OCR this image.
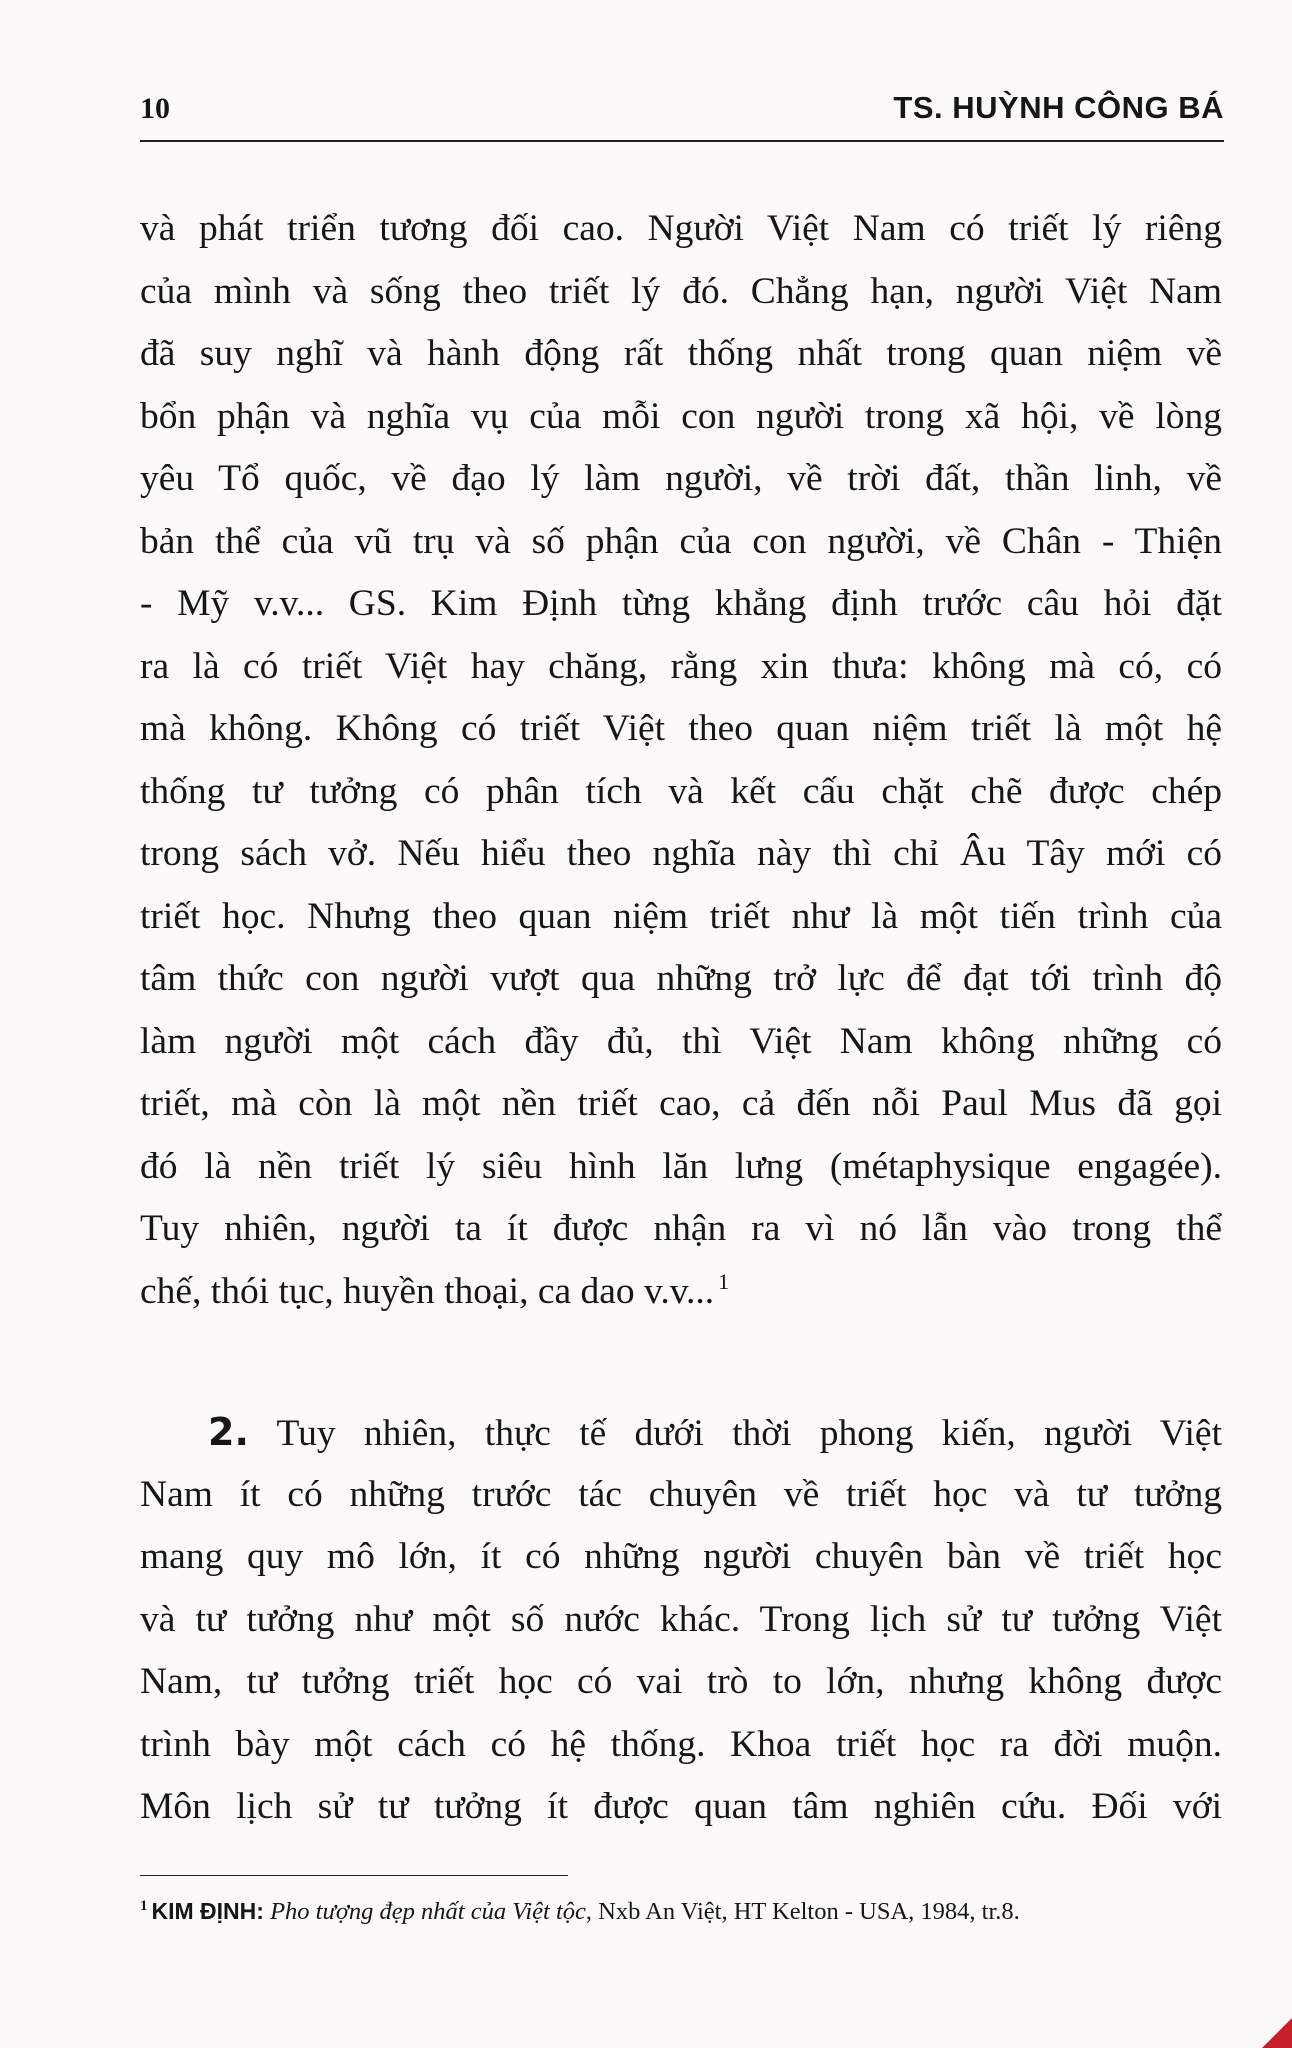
10	TS. HUỲNH CÔNG BÁ
và phát triển tương đối cao. Người Việt Nam có triết lý riêng
của mình và sống theo triết lý đó. Chẳng hạn, người Việt Nam
đã suy nghĩ và hành động rất thống nhất trong quan niệm về
bổn phận và nghĩa vụ của mỗi con người trong xã hội, về lòng
yêu Tổ quốc, về đạo lý làm người, về trời đất, thần linh, về
bản thể của vũ trụ và số phận của con người, về Chân - Thiện
- Mỹ v.v... GS. Kim Định từng khẳng định trước câu hỏi đặt
ra là có triết Việt hay chăng, rằng xin thưa: không mà có, có
mà không. Không có triết Việt theo quan niệm triết là một hệ
thống tư tưởng có phân tích và kết cấu chặt chẽ được chép
trong sách vở. Nếu hiểu theo nghĩa này thì chỉ Âu Tây mới có
triết học. Nhưng theo quan niệm triết như là một tiến trình của
tâm thức con người vượt qua những trở lực để đạt tới trình độ
làm người một cách đầy đủ, thì Việt Nam không những có
triết, mà còn là một nền triết cao, cả đến nỗi Paul Mus đã gọi
đó là nền triết lý siêu hình lăn lưng (métaphysique engagée).
Tuy nhiên, người ta ít được nhận ra vì nó lẫn vào trong thể
chế, thói tục, huyền thoại, ca dao v.v... $^1$
2. Tuy nhiên, thực tế dưới thời phong kiến, người Việt
Nam ít có những trước tác chuyên về triết học và tư tưởng
mang quy mô lớn, ít có những người chuyên bàn về triết học
và tư tưởng như một số nước khác. Trong lịch sử tư tưởng Việt
Nam, tư tưởng triết học có vai trò to lớn, nhưng không được
trình bày một cách có hệ thống. Khoa triết học ra đời muộn.
Môn lịch sử tư tưởng ít được quan tâm nghiên cứu. Đối với
$^1$ KIM ĐỊNH: Pho tượng đẹp nhất của Việt tộc, Nxb An Việt, HT Kelton - USA, 1984, tr.8.
